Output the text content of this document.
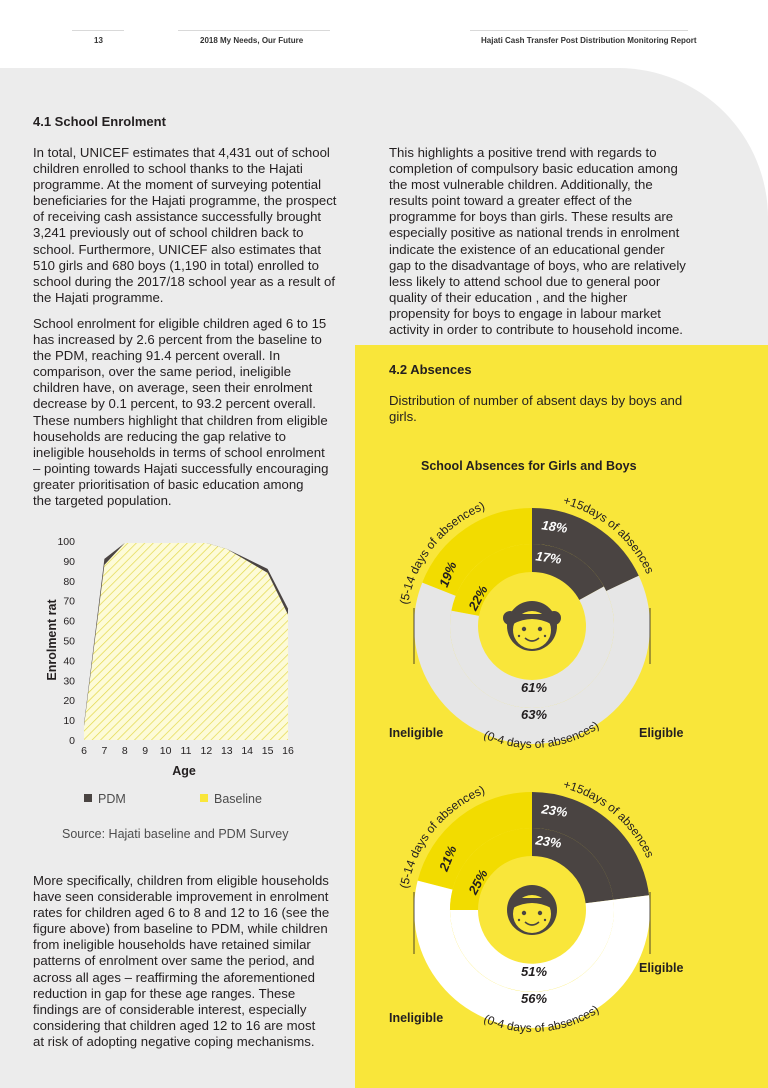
13	2018 My Needs, Our Future	Hajati Cash Transfer Post Distribution Monitoring Report
4.1 School Enrolment
In total, UNICEF estimates that 4,431 out of school
children enrolled to school thanks to the Hajati
programme. At the moment of surveying potential
beneficiaries for the Hajati programme, the prospect
of receiving cash assistance successfully brought
3,241 previously out of school children back to
school. Furthermore, UNICEF also estimates that
510 girls and 680 boys (1,190 in total) enrolled to
school during the 2017/18 school year as a result of
the Hajati programme.
School enrolment for eligible children aged 6 to 15
has increased by 2.6 percent from the baseline to
the PDM, reaching 91.4 percent overall. In
comparison, over the same period, ineligible
children have, on average, seen their enrolment
decrease by 0.1 percent, to 93.2 percent overall.
These numbers highlight that children from eligible
households are reducing the gap relative to
ineligible households in terms of school enrolment
– pointing towards Hajati successfully encouraging
greater prioritisation of basic education among
the targeted population.
More specifically, children from eligible households
have seen considerable improvement in enrolment
rates for children aged 6 to 8 and 12 to 16 (see the
figure above) from baseline to PDM, while children
from ineligible households have retained similar
patterns of enrolment over same the period, and
across all ages – reaffirming the aforementioned
reduction in gap for these age ranges. These
findings are of considerable interest, especially
considering that children aged 12 to 16 are most
at risk of adopting negative coping mechanisms.
This highlights a positive trend with regards to
completion of compulsory basic education among
the most vulnerable children. Additionally, the
results point toward a greater effect of the
programme for boys than girls. These results are
especially positive as national trends in enrolment
indicate the existence of an educational gender
gap to the disadvantage of boys, who are relatively
less likely to attend school due to general poor
quality of their education , and the higher
propensity for boys to engage in labour market
activity in order to contribute to household income.
4.2 Absences
Distribution of number of absent days by boys and
girls.
School Absences for Girls and Boys
0
10
20
30
40
50
60
70
80
90
100
6 7 8 9 10 11 12 13 14 15 16
Enrolment rat
Age
PDM	Baseline
Source: Hajati baseline and PDM Survey
18%
17%
19%
22%
61%
63%
+15days of absences
(5-14 days of absences)
(0-4 days of absences)
Ineligible	Eligible
23%
23%
21%
25%
51%
56%
+15days of absences
(5-14 days of absences)
(0-4 days of absences)
Ineligible
Eligible
